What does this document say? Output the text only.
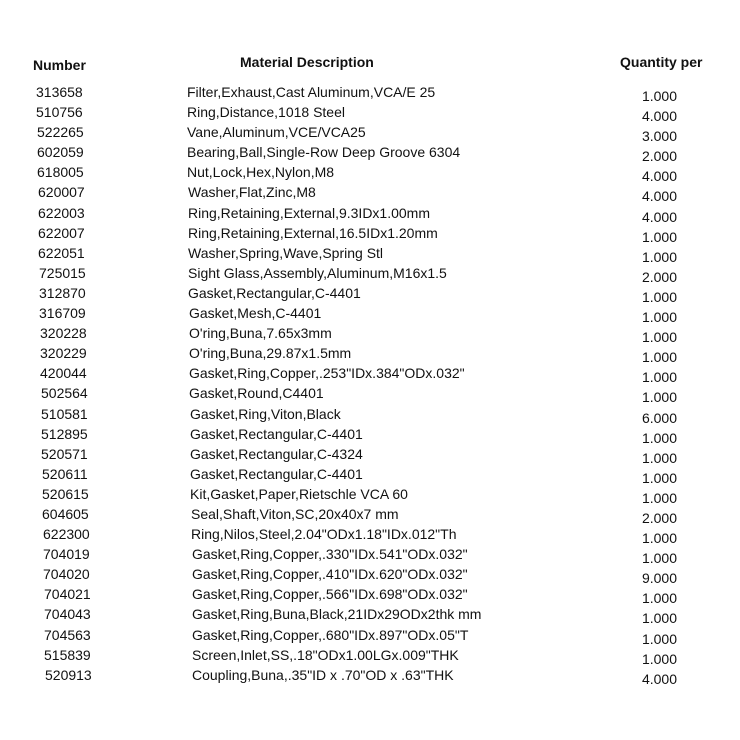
Number	Material Description	Quantity per
313658	Filter,Exhaust,Cast Aluminum,VCA/E 25	1.000
510756	Ring,Distance,1018 Steel	4.000
522265	Vane,Aluminum,VCE/VCA25	3.000
602059	Bearing,Ball,Single-Row Deep Groove 6304	2.000
618005	Nut,Lock,Hex,Nylon,M8	4.000
620007	Washer,Flat,Zinc,M8	4.000
622003	Ring,Retaining,External,9.3IDx1.00mm	4.000
622007	Ring,Retaining,External,16.5IDx1.20mm	1.000
622051	Washer,Spring,Wave,Spring Stl	1.000
725015	Sight Glass,Assembly,Aluminum,M16x1.5	2.000
312870	Gasket,Rectangular,C-4401	1.000
316709	Gasket,Mesh,C-4401	1.000
320228	O'ring,Buna,7.65x3mm	1.000
320229	O'ring,Buna,29.87x1.5mm	1.000
420044	Gasket,Ring,Copper,.253"IDx.384"ODx.032"	1.000
502564	Gasket,Round,C4401	1.000
510581	Gasket,Ring,Viton,Black	6.000
512895	Gasket,Rectangular,C-4401	1.000
520571	Gasket,Rectangular,C-4324	1.000
520611	Gasket,Rectangular,C-4401	1.000
520615	Kit,Gasket,Paper,Rietschle VCA 60	1.000
604605	Seal,Shaft,Viton,SC,20x40x7 mm	2.000
622300	Ring,Nilos,Steel,2.04"ODx1.18"IDx.012"Th	1.000
704019	Gasket,Ring,Copper,.330"IDx.541"ODx.032"	1.000
704020	Gasket,Ring,Copper,.410"IDx.620"ODx.032"	9.000
704021	Gasket,Ring,Copper,.566"IDx.698"ODx.032"	1.000
704043	Gasket,Ring,Buna,Black,21IDx29ODx2thk mm	1.000
704563	Gasket,Ring,Copper,.680"IDx.897"ODx.05"T	1.000
515839	Screen,Inlet,SS,.18"ODx1.00LGx.009"THK	1.000
520913	Coupling,Buna,.35"ID x .70"OD x .63"THK	4.000
